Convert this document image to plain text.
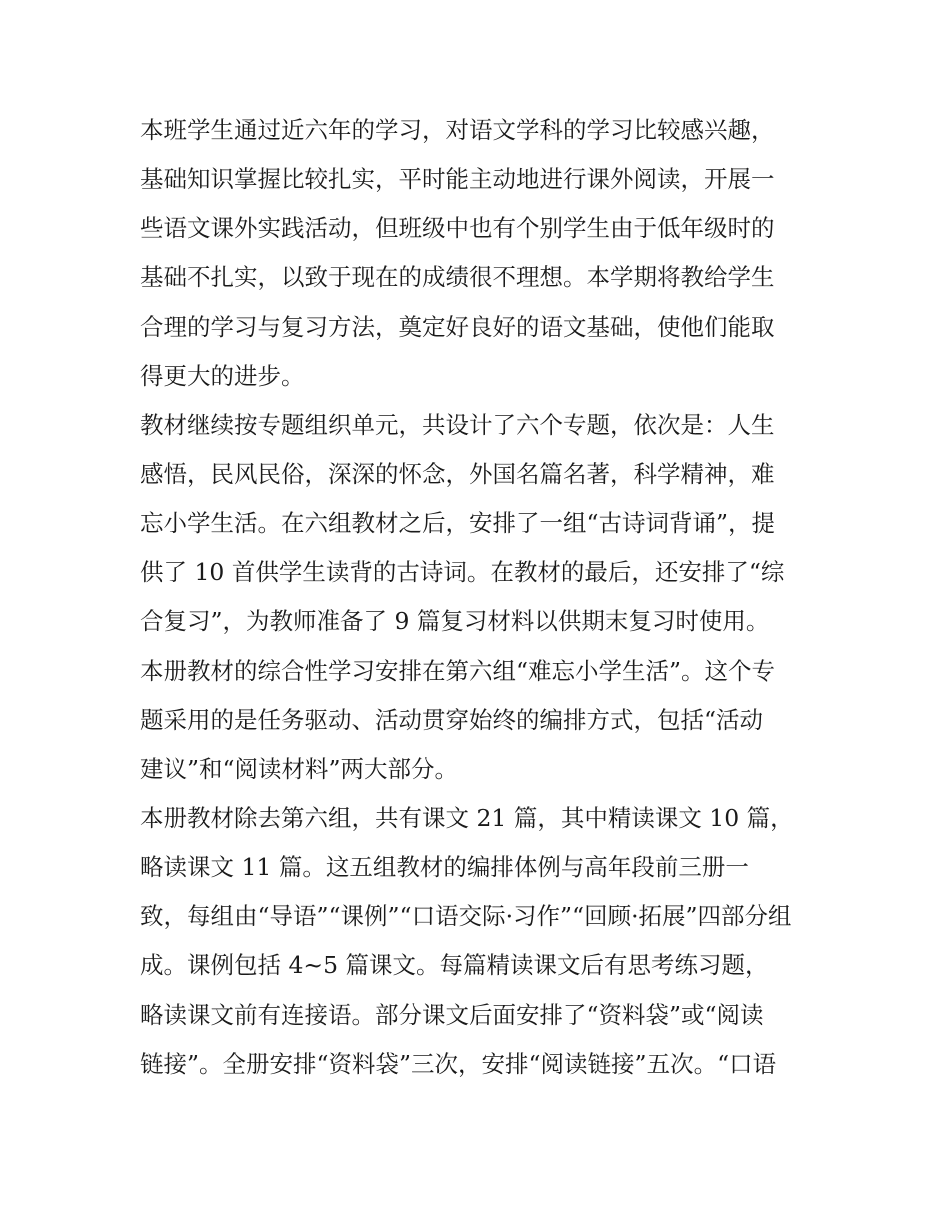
本班学生通过近六年的学习，对语文学科的学习比较感兴趣，
基础知识掌握比较扎实，平时能主动地进行课外阅读，开展一
些语文课外实践活动，但班级中也有个别学生由于低年级时的
基础不扎实，以致于现在的成绩很不理想。本学期将教给学生
合理的学习与复习方法，奠定好良好的语文基础，使他们能取
得更大的进步。
教材继续按专题组织单元，共设计了六个专题，依次是：人生
感悟，民风民俗，深深的怀念，外国名篇名著，科学精神，难
忘小学生活。在六组教材之后，安排了一组“古诗词背诵”，提
供了 10 首供学生读背的古诗词。在教材的最后，还安排了“综
合复习”，为教师准备了 9 篇复习材料以供期末复习时使用。
本册教材的综合性学习安排在第六组“难忘小学生活”。这个专
题采用的是任务驱动、活动贯穿始终的编排方式，包括“活动
建议”和“阅读材料”两大部分。
本册教材除去第六组，共有课文 21 篇，其中精读课文 10 篇，
略读课文 11 篇。这五组教材的编排体例与高年段前三册一
致，每组由“导语”“课例”“口语交际·习作”“回顾·拓展”四部分组
成。课例包括 4~5 篇课文。每篇精读课文后有思考练习题，
略读课文前有连接语。部分课文后面安排了“资料袋”或“阅读
链接”。全册安排“资料袋”三次，安排“阅读链接”五次。“口语
